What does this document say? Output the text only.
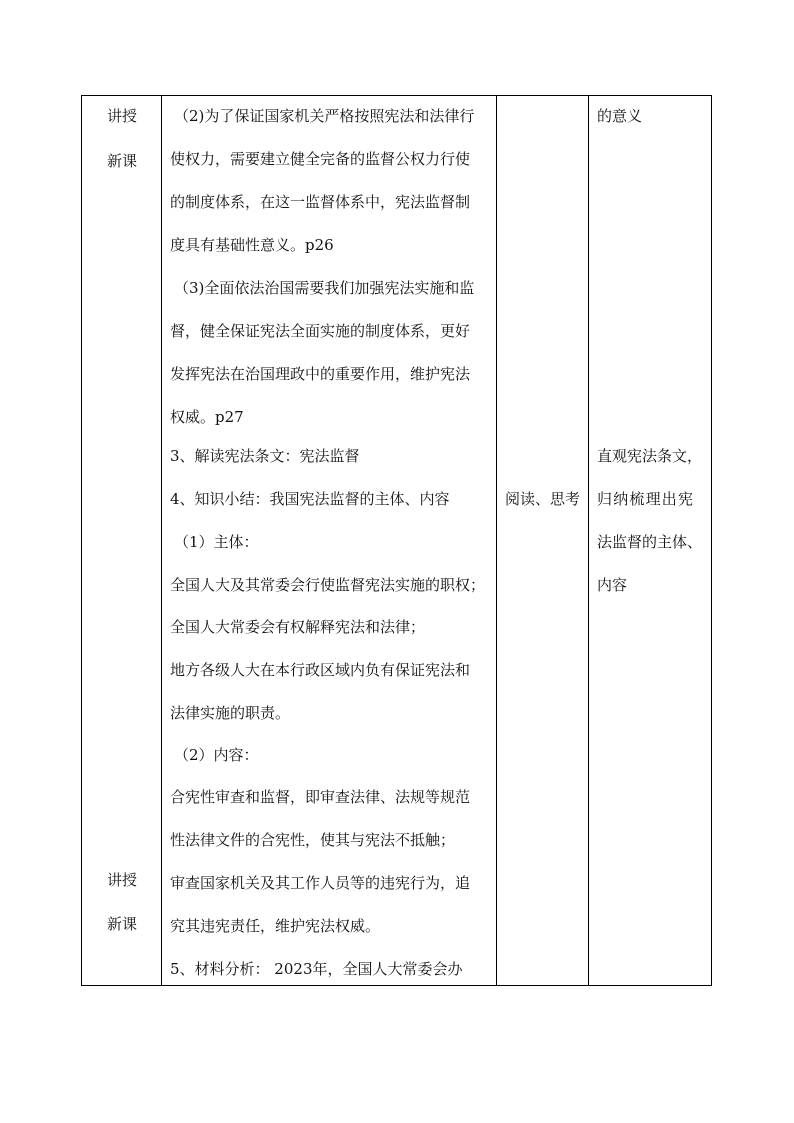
讲授
新课
讲授
新课
（2)为了保证国家机关严格按照宪法和法律行
使权力，需要建立健全完备的监督公权力行使
的制度体系，在这一监督体系中，宪法监督制
度具有基础性意义。p26
（3)全面依法治国需要我们加强宪法实施和监
督，健全保证宪法全面实施的制度体系，更好
发挥宪法在治国理政中的重要作用，维护宪法
权威。p27
3、解读宪法条文：宪法监督
4、知识小结：我国宪法监督的主体、内容
（1）主体：
全国人大及其常委会行使监督宪法实施的职权；
全国人大常委会有权解释宪法和法律；
地方各级人大在本行政区域内负有保证宪法和
法律实施的职责。
（2）内容：
合宪性审查和监督，即审查法律、法规等规范
性法律文件的合宪性，使其与宪法不抵触；
审查国家机关及其工作人员等的违宪行为，追
究其违宪责任，维护宪法权威。
5、材料分析： 2023年，全国人大常委会办
阅读、思考
的意义
直观宪法条文，
归纳梳理出宪
法监督的主体、
内容
